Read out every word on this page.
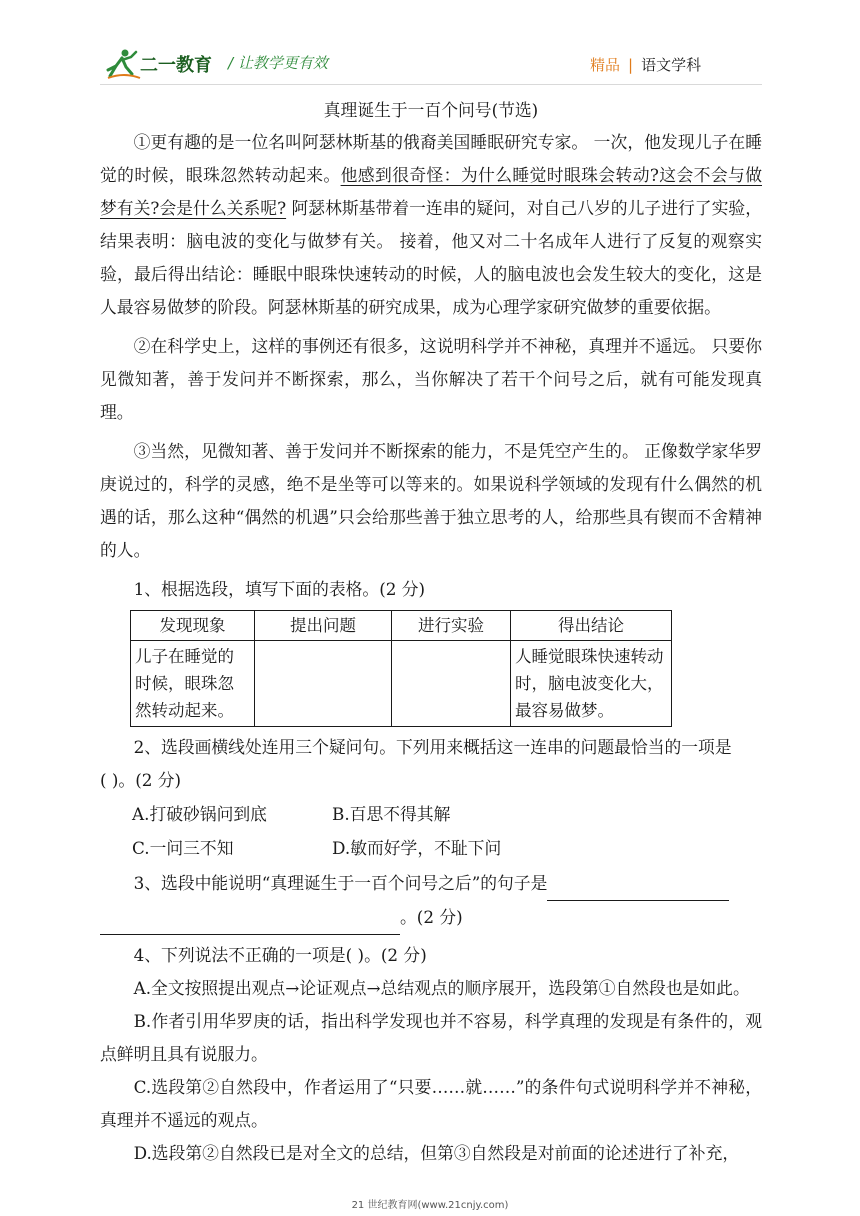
二一教育 / 让教学更有效	精品 | 语文学科
真理诞生于一百个问号(节选)

①更有趣的是一位名叫阿瑟林斯基的俄裔美国睡眠研究专家。 一次，他发现儿子在睡觉的时候，眼珠忽然转动起来。他感到很奇怪：为什么睡觉时眼珠会转动?这会不会与做梦有关?会是什么关系呢? 阿瑟林斯基带着一连串的疑问，对自己八岁的儿子进行了实验，结果表明：脑电波的变化与做梦有关。 接着，他又对二十名成年人进行了反复的观察实验，最后得出结论：睡眠中眼珠快速转动的时候，人的脑电波也会发生较大的变化，这是人最容易做梦的阶段。阿瑟林斯基的研究成果，成为心理学家研究做梦的重要依据。

②在科学史上，这样的事例还有很多，这说明科学并不神秘，真理并不遥远。 只要你见微知著，善于发问并不断探索，那么，当你解决了若干个问号之后，就有可能发现真理。

③当然，见微知著、善于发问并不断探索的能力，不是凭空产生的。 正像数学家华罗庚说过的，科学的灵感，绝不是坐等可以等来的。如果说科学领域的发现有什么偶然的机遇的话，那么这种“偶然的机遇”只会给那些善于独立思考的人，给那些具有锲而不舍精神的人。

1、根据选段，填写下面的表格。(2 分)

发现现象	提出问题	进行实验	得出结论
儿子在睡觉的时候，眼珠忽然转动起来。			人睡觉眼珠快速转动时，脑电波变化大，最容易做梦。

2、选段画横线处连用三个疑问句。下列用来概括这一连串的问题最恰当的一项是

( )。(2 分)

A.打破砂锅问到底	B.百思不得其解
C.一问三不知	D.敏而好学，不耻下问

3、选段中能说明“真理诞生于一百个问号之后”的句子是

。(2 分)

4、下列说法不正确的一项是( )。(2 分)

A.全文按照提出观点→论证观点→总结观点的顺序展开，选段第①自然段也是如此。

B.作者引用华罗庚的话，指出科学发现也并不容易，科学真理的发现是有条件的，观点鲜明且具有说服力。

C.选段第②自然段中，作者运用了“只要……就……”的条件句式说明科学并不神秘，真理并不遥远的观点。

D.选段第②自然段已是对全文的总结，但第③自然段是对前面的论述进行了补充，

21 世纪教育网(www.21cnjy.com)
